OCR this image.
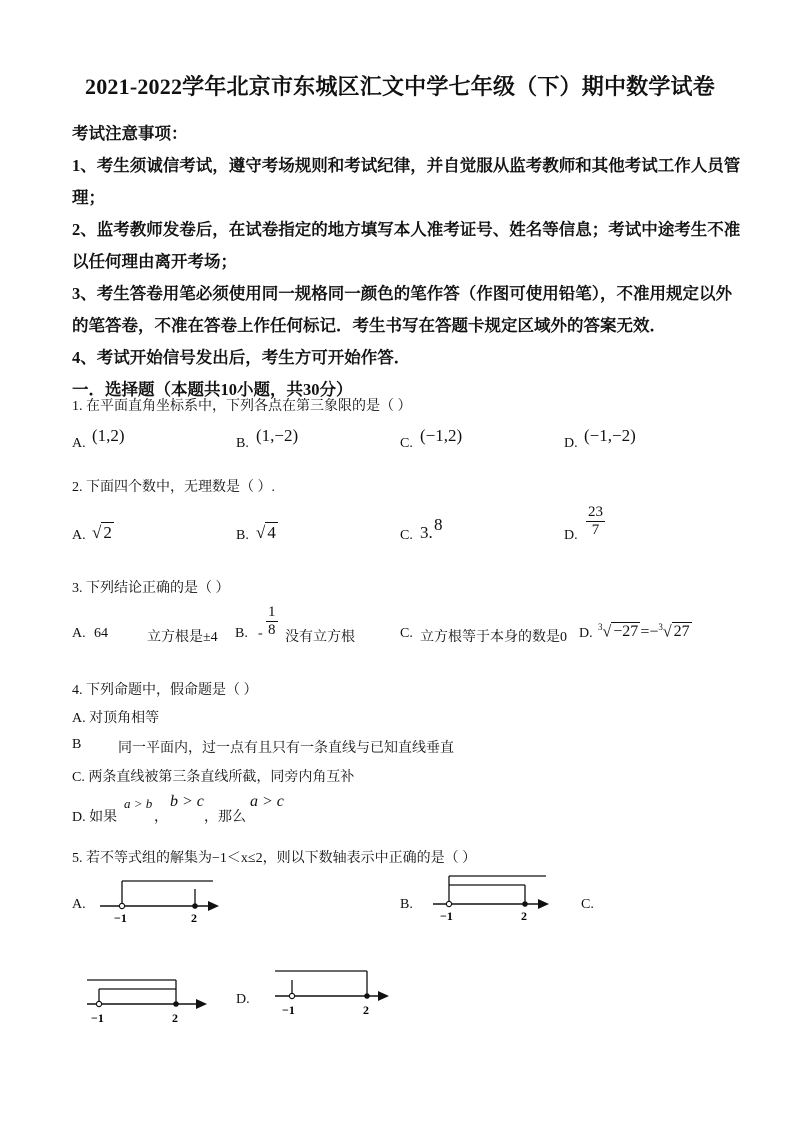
2021-2022学年北京市东城区汇文中学七年级（下）期中数学试卷
考试注意事项：
1、考生须诚信考试，遵守考场规则和考试纪律，并自觉服从监考教师和其他考试工作人员管
理；
2、监考教师发卷后，在试卷指定的地方填写本人准考证号、姓名等信息；考试中途考生不准
以任何理由离开考场；
3、考生答卷用笔必须使用同一规格同一颜色的笔作答（作图可使用铅笔），不准用规定以外
的笔答卷，不准在答卷上作任何标记．考生书写在答题卡规定区域外的答案无效．
4、考试开始信号发出后，考生方可开始作答．
一．选择题（本题共10小题，共30分）
1. 在平面直角坐标系中，下列各点在第三象限的是（ ）
A. (1,2)	B. (1,−2)	C. (−1,2)	D. (−1,−2)
2. 下面四个数中，无理数是（ ）.
A. √ 2	B. √ 4	C. 3. 8
D. $\frac{23}{7}$
3. 下列结论正确的是（ ）
A. 64	立方根是±4 B. - $\frac{1}{8}$ 没有立方根	C. 立方根等于本身的数是0 D. $^3$√ −27 =−$^3$√ 27
4. 下列命题中，假命题是（ ）
A. 对顶角相等
B	同一平面内，过一点有且只有一条直线与已知直线垂直
C. 两条直线被第三条直线所截，同旁内角互补
D. 如果
a > b
，
b > c
，那么
a > c
5. 若不等式组的解集为−1＜x≤2，则以下数轴表示中正确的是（ ）
A.
−1	2
B.
−1	2
C.
−1	2
D.
−1	2
